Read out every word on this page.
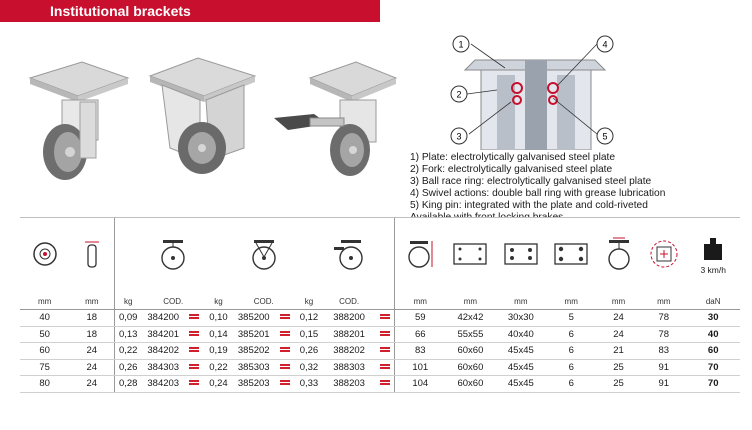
Institutional brackets
1
2
3
4
5
1) Plate: electrolytically galvanised steel plate
2) Fork: electrolytically galvanised steel plate
3) Ball race ring: electrolytically galvanised steel plate
4) Swivel actions: double ball ring with grease lubrication
5) King pin: integrated with the plate and cold-riveted

3 km/h

mm	mm	kg	COD.	kg	COD.	kg	COD.		mm	mm	mm	mm	mm	mm	daN
40	18	0,09	384200	0,10	385200	0,12	388200		59	42x42	30x30	5	24	78	30
50	18	0,13	384201	0,14	385201	0,15	388201		66	55x55	40x40	6	24	78	40
60	24	0,22	384202	0,19	385202	0,26	388202		83	60x60	45x45	6	21	83	60
75	24	0,26	384303	0,22	385303	0,32	388303		101	60x60	45x45	6	25	91	70
80	24	0,28	384203	0,24	385203	0,33	388203		104	60x60	45x45	6	25	91	70
